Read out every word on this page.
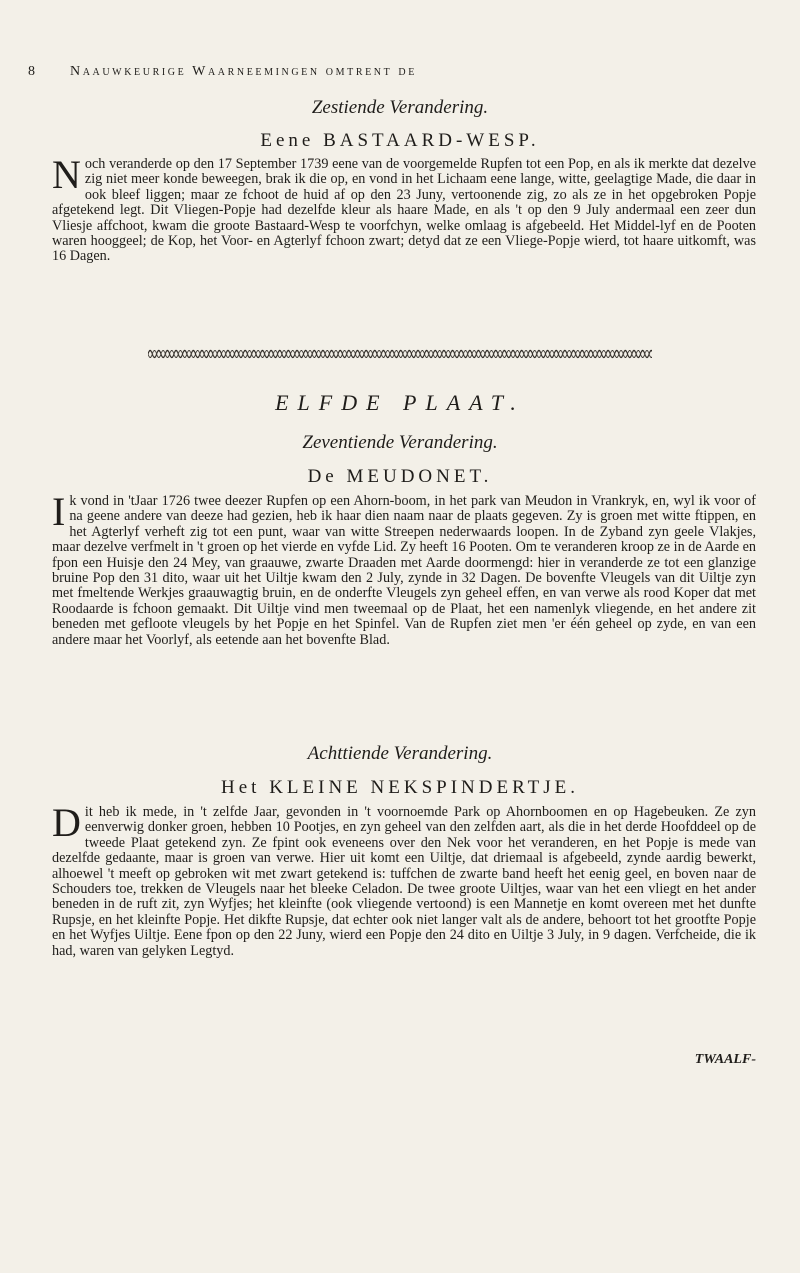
8	Naauwkeurige Waarneemingen omtrent de
Zestiende Verandering.
Eene BASTAARD-WESP.

Noch veranderde op den 17 September 1739 eene van de voorgemelde Rupfen tot een Pop, en als ik merkte dat dezelve zig niet meer konde beweegen, brak ik die op, en vond in het Lichaam eene lange, witte, geelagtige Made, die daar in ook bleef liggen; maar ze fchoot de huid af op den 23 Juny, vertoonende zig, zo als ze in het opgebroken Popje afgetekend legt. Dit Vliegen-Popje had dezelfde kleur als haare Made, en als 't op den 9 July andermaal een zeer dun Vliesje affchoot, kwam die groote Bastaard-Wesp te voorfchyn, welke omlaag is afgebeeld. Het Middel-lyf en de Pooten waren hooggeel; de Kop, het Voor- en Agterlyf fchoon zwart; detyd dat ze een Vliege-Popje wierd, tot haare uitkomft, was 16 Dagen.

ELFDE PLAAT.
Zeventiende Verandering.
De MEUDONET.

Ik vond in 'tJaar 1726 twee deezer Rupfen op een Ahorn-boom, in het park van Meudon in Vrankryk, en, wyl ik voor of na geene andere van deeze had gezien, heb ik haar dien naam naar de plaats gegeven. Zy is groen met witte ftippen, en het Agterlyf verheft zig tot een punt, waar van witte Streepen nederwaards loopen. In de Zyband zyn geele Vlakjes, maar dezelve verfmelt in 't groen op het vierde en vyfde Lid. Zy heeft 16 Pooten. Om te veranderen kroop ze in de Aarde en fpon een Huisje den 24 Mey, van graauwe, zwarte Draaden met Aarde doormengd: hier in veranderde ze tot een glanzige bruine Pop den 31 dito, waar uit het Uiltje kwam den 2 July, zynde in 32 Dagen. De bovenfte Vleugels van dit Uiltje zyn met fmeltende Werkjes graauwagtig bruin, en de onderfte Vleugels zyn geheel effen, en van verwe als rood Koper dat met Roodaarde is fchoon gemaakt. Dit Uiltje vind men tweemaal op de Plaat, het een namenlyk vliegende, en het andere zit beneden met gefloote vleugels by het Popje en het Spinfel. Van de Rupfen ziet men 'er één geheel op zyde, en van een andere maar het Voorlyf, als eetende aan het bovenfte Blad.

Achttiende Verandering.
Het KLEINE NEKSPINDERTJE.

Dit heb ik mede, in 't zelfde Jaar, gevonden in 't voornoemde Park op Ahornboomen en op Hagebeuken. Ze zyn eenverwig donker groen, hebben 10 Pootjes, en zyn geheel van den zelfden aart, als die in het derde Hoofddeel op de tweede Plaat getekend zyn. Ze fpint ook eveneens over den Nek voor het veranderen, en het Popje is mede van dezelfde gedaante, maar is groen van verwe. Hier uit komt een Uiltje, dat driemaal is afgebeeld, zynde aardig bewerkt, alhoewel 't meeft op gebroken wit met zwart getekend is: tuffchen de zwarte band heeft het eenig geel, en boven naar de Schouders toe, trekken de Vleugels naar het bleeke Celadon. De twee groote Uiltjes, waar van het een vliegt en het ander beneden in de ruft zit, zyn Wyfjes; het kleinfte (ook vliegende vertoond) is een Mannetje en komt overeen met het dunfte Rupsje, en het kleinfte Popje. Het dikfte Rupsje, dat echter ook niet langer valt als de andere, behoort tot het grootfte Popje en het Wyfjes Uiltje. Eene fpon op den 22 Juny, wierd een Popje den 24 dito en Uiltje 3 July, in 9 dagen. Verfcheide, die ik had, waren van gelyken Legtyd.

TWAALF-
